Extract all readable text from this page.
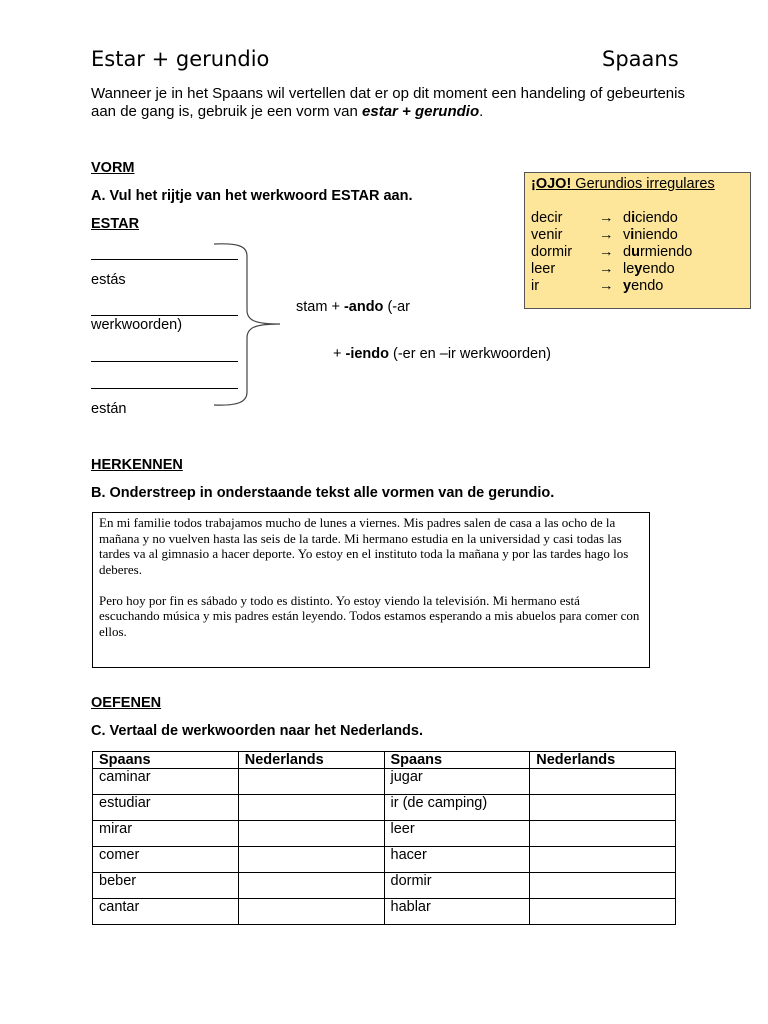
Estar + gerundio	Spaans
Wanneer je in het Spaans wil vertellen dat er op dit moment een handeling of gebeurtenis aan de gang is, gebruik je een vorm van estar + gerundio.
VORM
A. Vul het rijtje van het werkwoord ESTAR aan.
ESTAR
estás
werkwoorden)
están
stam + -ando (-ar
+ -iendo (-er en –ir werkwoorden)
¡OJO! Gerundios irregulares
decir	→ diciendo
venir	→ viniendo
dormir → durmiendo
leer	→ leyendo
ir	→ yendo
HERKENNEN
B. Onderstreep in onderstaande tekst alle vormen van de gerundio.

En mi familie todos trabajamos mucho de lunes a viernes. Mis padres salen de casa a las ocho de la mañana y no vuelven hasta las seis de la tarde. Mi hermano estudia en la universidad y casi todas las tardes va al gimnasio a hacer deporte. Yo estoy en el instituto toda la mañana y por las tardes hago los deberes.

Pero hoy por fin es sábado y todo es distinto. Yo estoy viendo la televisión. Mi hermano está escuchando música y mis padres están leyendo. Todos estamos esperando a mis abuelos para comer con ellos.

OEFENEN
C. Vertaal de werkwoorden naar het Nederlands.
Spaans	Nederlands	Spaans	Nederlands
caminar		jugar	
estudiar		ir (de camping)	
mirar		leer	
comer		hacer	
beber		dormir	
cantar		hablar	
